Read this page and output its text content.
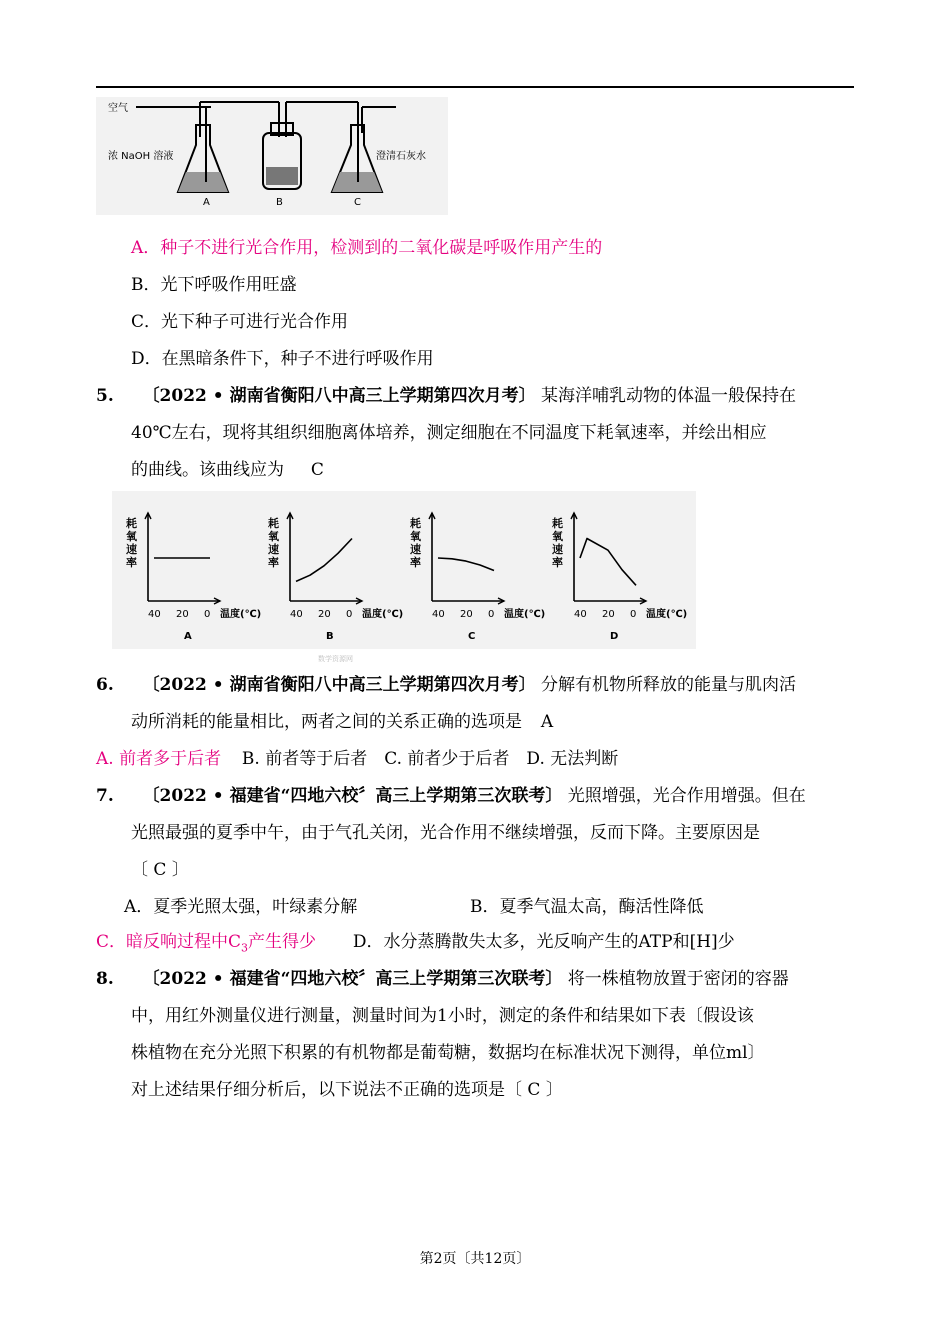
空气
浓 NaOH 溶液	澄清石灰水
A	B	C
A．种子不进行光合作用，检测到的二氧化碳是呼吸作用产生的
B．光下呼吸作用旺盛
C．光下种子可进行光合作用
D．在黑暗条件下，种子不进行呼吸作用
5. 〔2022 • 湖南省衡阳八中高三上学期第四次月考〕 某海洋哺乳动物的体温一般保持在
40℃左右，现将其组织细胞离体培养，测定细胞在不同温度下耗氧速率，并绘出相应
的曲线。该曲线应为 C
耗
氧
速
率
40 20 0 温度(℃)
A
耗
氧
速
率
40 20 0 温度(℃)
B
耗
氧
速
率
40 20 0 温度(℃)
C
耗
氧
速
率
40 20 0 温度(℃)
D
数学资源网
6. 〔2022 • 湖南省衡阳八中高三上学期第四次月考〕 分解有机物所释放的能量与肌肉活
动所消耗的能量相比，两者之间的关系正确的选项是 A
A. 前者多于后者 B. 前者等于后者　C. 前者少于后者　D. 无法判断
7. 〔2022 • 福建省“四地六校〞高三上学期第三次联考〕 光照增强，光合作用增强。但在
光照最强的夏季中午，由于气孔关闭，光合作用不继续增强，反而下降。主要原因是
〔 C 〕
A．夏季光照太强，叶绿素分解	B．夏季气温太高，酶活性降低
C．暗反响过程中$C_3$产生得少 D．水分蒸腾散失太多，光反响产生的ATP和[H]少
8. 〔2022 • 福建省“四地六校〞高三上学期第三次联考〕 将一株植物放置于密闭的容器
中，用红外测量仪进行测量，测量时间为1小时，测定的条件和结果如下表〔假设该
株植物在充分光照下积累的有机物都是葡萄糖，数据均在标准状况下测得，单位ml〕
对上述结果仔细分析后，以下说法不正确的选项是〔 C 〕
第2页〔共12页〕
